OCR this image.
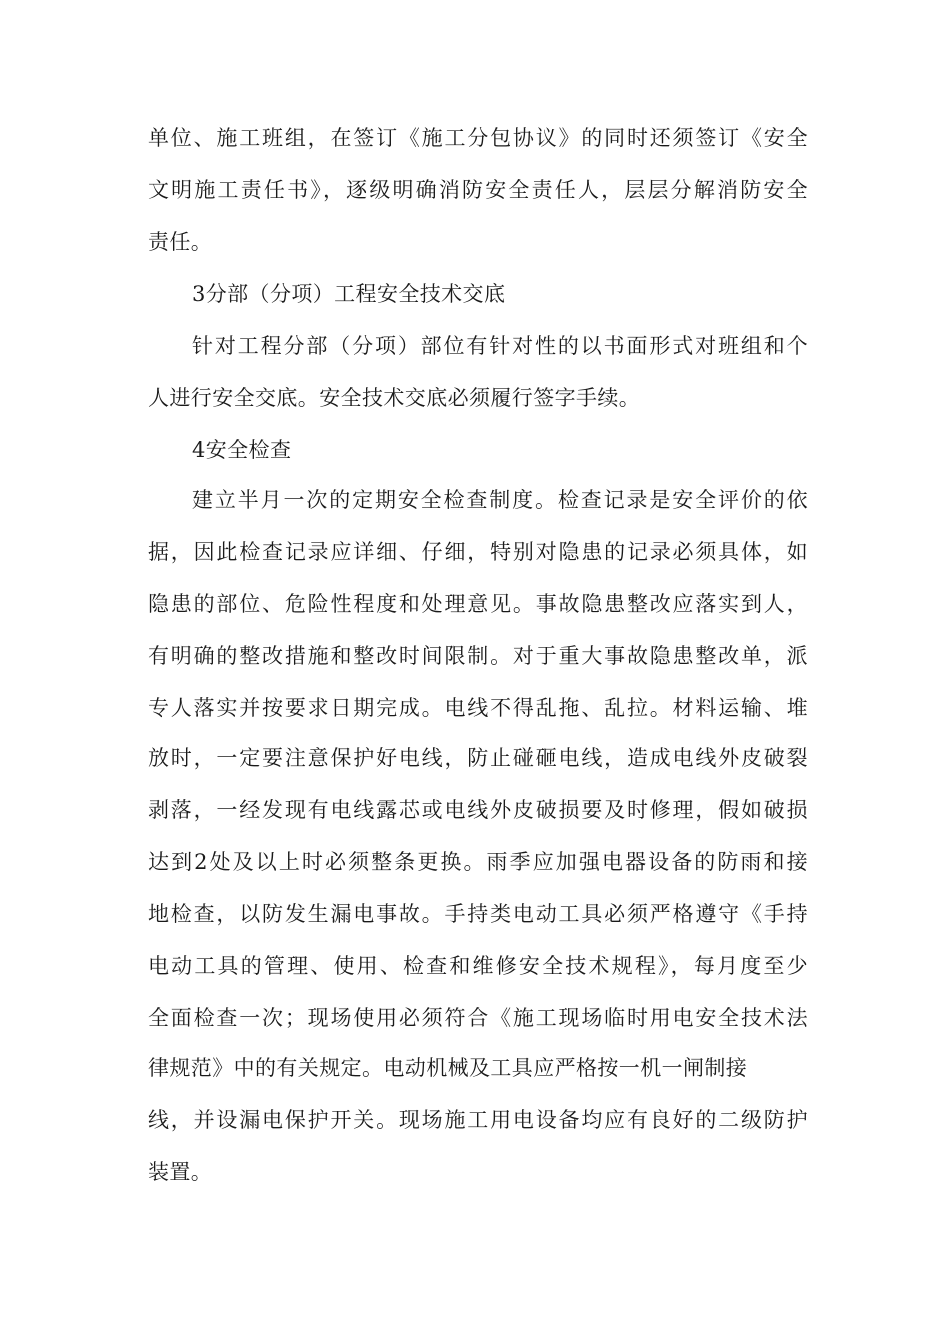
单位、施工班组，在签订《施工分包协议》的同时还须签订《安全
文明施工责任书》，逐级明确消防安全责任人，层层分解消防安全
责任。
3分部（分项）工程安全技术交底
针对工程分部（分项）部位有针对性的以书面形式对班组和个
人进行安全交底。安全技术交底必须履行签字手续。
4安全检查
建立半月一次的定期安全检查制度。检查记录是安全评价的依
据，因此检查记录应详细、仔细，特别对隐患的记录必须具体，如
隐患的部位、危险性程度和处理意见。事故隐患整改应落实到人，
有明确的整改措施和整改时间限制。对于重大事故隐患整改单，派
专人落实并按要求日期完成。电线不得乱拖、乱拉。材料运输、堆
放时，一定要注意保护好电线，防止碰砸电线，造成电线外皮破裂
剥落，一经发现有电线露芯或电线外皮破损要及时修理，假如破损
达到2处及以上时必须整条更换。雨季应加强电器设备的防雨和接
地检查，以防发生漏电事故。手持类电动工具必须严格遵守《手持
电动工具的管理、使用、检查和维修安全技术规程》，每月度至少
全面检查一次；现场使用必须符合《施工现场临时用电安全技术法
律规范》中的有关规定。电动机械及工具应严格按一机一闸制接
线，并设漏电保护开关。现场施工用电设备均应有良好的二级防护
装置。
